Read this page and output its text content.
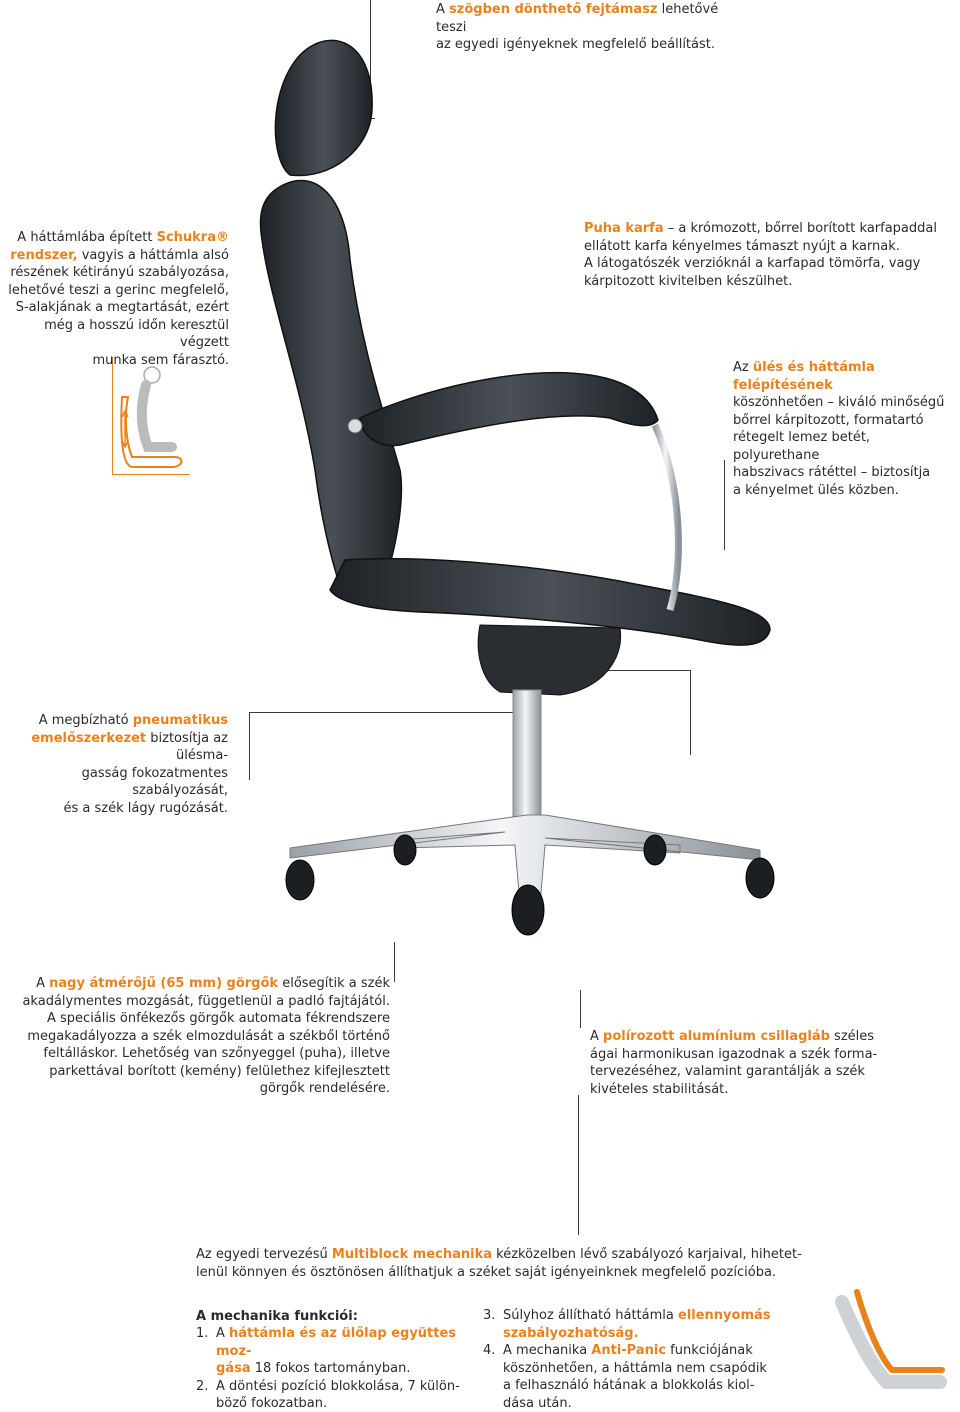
A szögben dönthető fejtámasz lehetővé teszi
az egyedi igényeknek megfelelő beállítást.
A háttámlába épített Schukra®
rendszer, vagyis a háttámla alsó
részének kétirányú szabályozása,
lehetővé teszi a gerinc megfelelő,
S-alakjának a megtartását, ezért
még a hosszú időn keresztül végzett
munka sem fárasztó.
Puha karfa – a krómozott, bőrrel borított karfapaddal
ellátott karfa kényelmes támaszt nyújt a karnak.
A látogatószék verzióknál a karfapad tömörfa, vagy
kárpitozott kivitelben készülhet.
Az ülés és háttámla felépítésének
köszönhetően – kiváló minőségű
bőrrel kárpitozott, formatartó
rétegelt lemez betét, polyurethane
habszivacs rátéttel – biztosítja
a kényelmet ülés közben.
A megbízható pneumatikus
emelőszerkezet biztosítja az ülésma-
gasság fokozatmentes szabályozását,
és a szék lágy rugózását.
A nagy átmérőjű (65 mm) görgők elősegítik a szék
akadálymentes mozgását, függetlenül a padló fajtájától.
A speciális önfékezős görgők automata fékrendszere
megakadályozza a szék elmozdulását a székből történő
feltálláskor. Lehetőség van szőnyeggel (puha), illetve
parkettával borított (kemény) felülethez kifejlesztett
görgők rendelésére.
A polírozott alumínium csillagláb széles
ágai harmonikusan igazodnak a szék forma-
tervezéséhez, valamint garantálják a szék
kivételes stabilitását.
Az egyedi tervezésű Multiblock mechanika kézközelben lévő szabályozó karjaival, hihetet-
lenül könnyen és ösztönösen állíthatjuk a széket saját igényeinknek megfelelő pozícióba.
A mechanika funkciói:
1. A háttámla és az ülőlap együttes moz-
gása 18 fokos tartományban.
2. A döntési pozíció blokkolása, 7 külön-
böző fokozatban.
3. Súlyhoz állítható háttámla ellennyomás
szabályozhatóság.
4. A mechanika Anti-Panic funkciójának
köszönhetően, a háttámla nem csapódik
a felhasználó hátának a blokkolás kiol-
dása után.
